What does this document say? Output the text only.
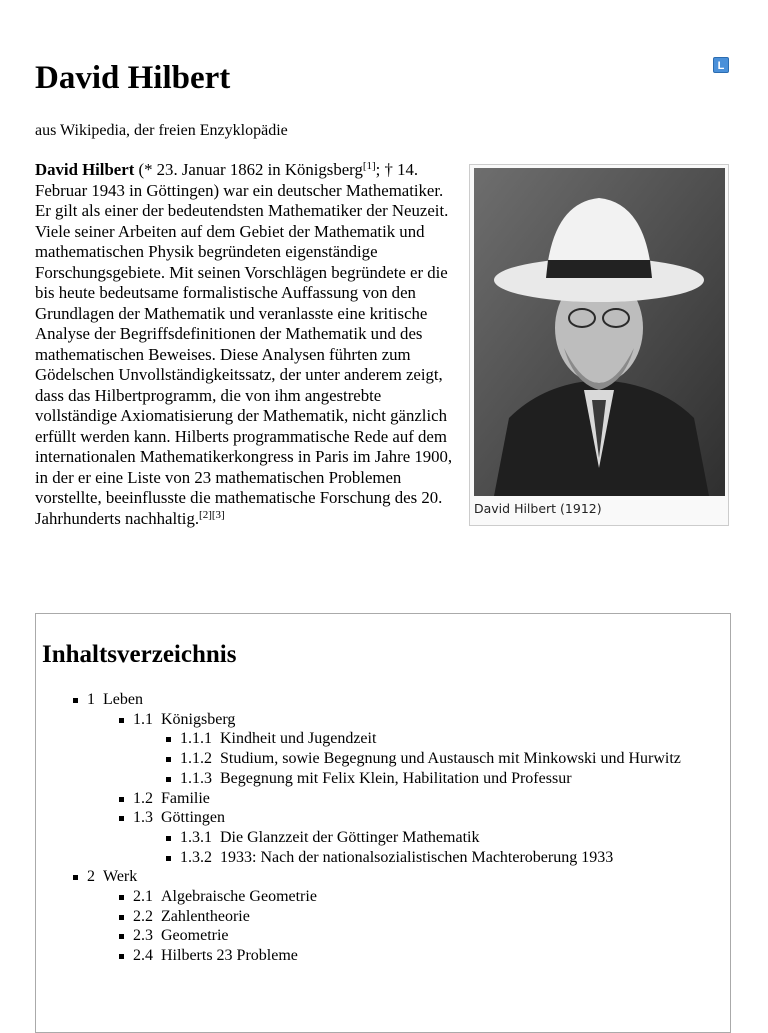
L
David Hilbert
aus Wikipedia, der freien Enzyklopädie
David Hilbert (1912)

David Hilbert (* 23. Januar 1862 in Königsberg[1]; † 14. Februar 1943 in Göttingen) war ein deutscher Mathematiker. Er gilt als einer der bedeutendsten Mathematiker der Neuzeit. Viele seiner Arbeiten auf dem Gebiet der Mathematik und mathematischen Physik begründeten eigenständige Forschungsgebiete. Mit seinen Vorschlägen begründete er die bis heute bedeutsame formalistische Auffassung von den Grundlagen der Mathematik und veranlasste eine kritische Analyse der Begriffsdefinitionen der Mathematik und des mathematischen Beweises. Diese Analysen führten zum Gödelschen Unvollständigkeitssatz, der unter anderem zeigt, dass das Hilbertprogramm, die von ihm angestrebte vollständige Axiomatisierung der Mathematik, nicht gänzlich erfüllt werden kann. Hilberts programmatische Rede auf dem internationalen Mathematikerkongress in Paris im Jahre 1900, in der er eine Liste von 23 mathematischen Problemen vorstellte, beeinflusste die mathematische Forschung des 20. Jahrhunderts nachhaltig.[2][3]

Inhaltsverzeichnis
1 Leben
1.1 Königsberg
1.1.1 Kindheit und Jugendzeit
1.1.2 Studium, sowie Begegnung und Austausch mit Minkowski und Hurwitz
1.1.3 Begegnung mit Felix Klein, Habilitation und Professur
1.2 Familie
1.3 Göttingen
1.3.1 Die Glanzzeit der Göttinger Mathematik
1.3.2 1933: Nach der nationalsozialistischen Machteroberung 1933
2 Werk
2.1 Algebraische Geometrie
2.2 Zahlentheorie
2.3 Geometrie
2.4 Hilberts 23 Probleme
